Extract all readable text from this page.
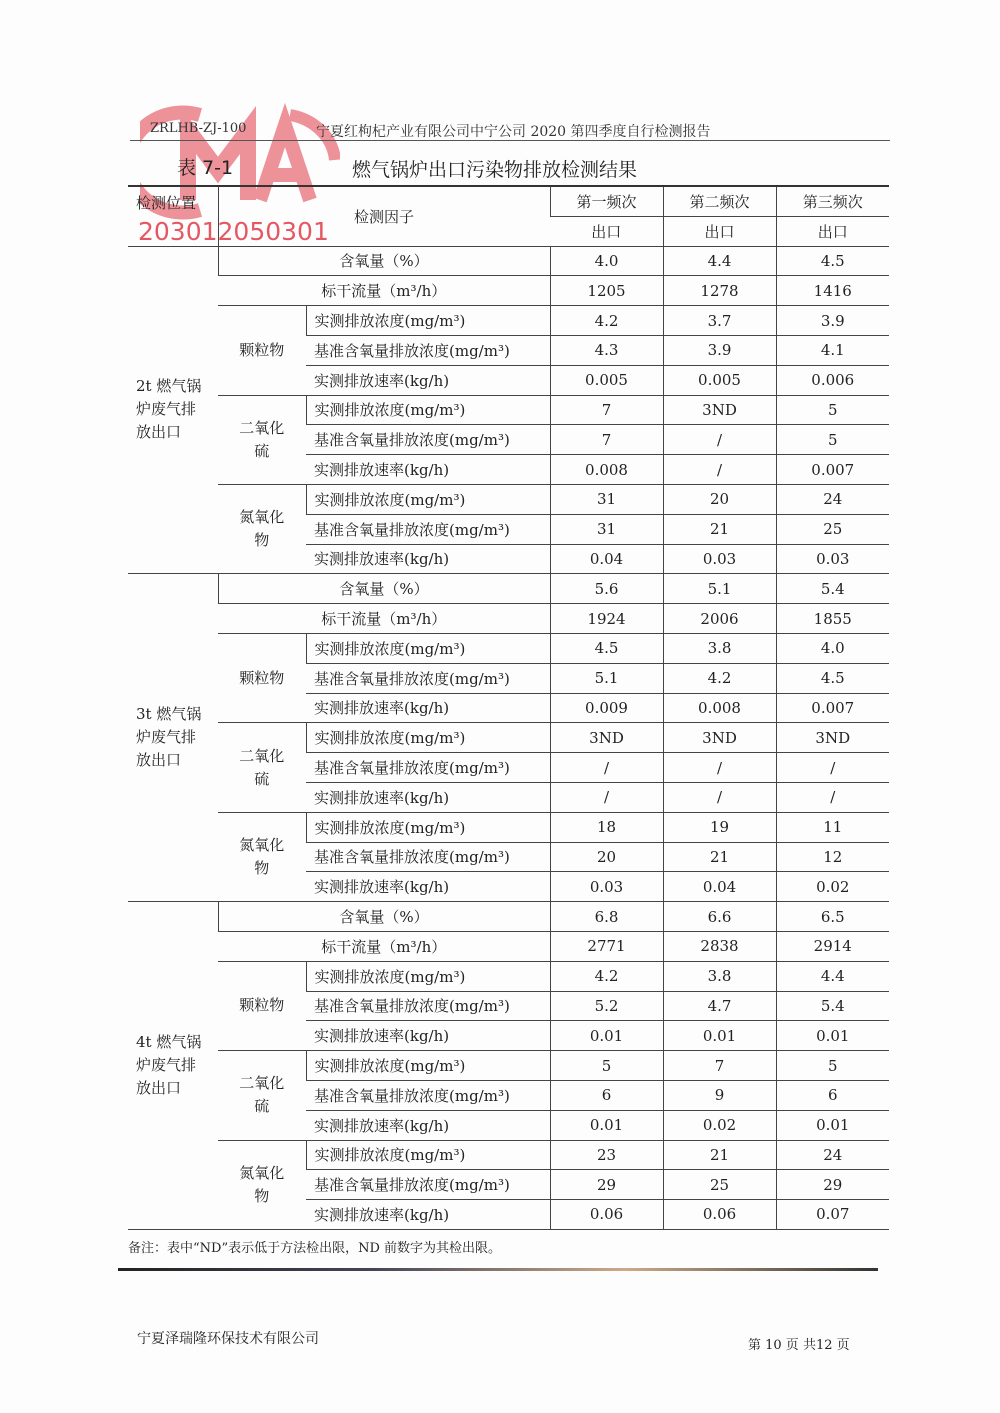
ZRLHB-ZJ-100	宁夏红枸杞产业有限公司中宁公司 2020 第四季度自行检测报告
表 7-1	燃气锅炉出口污染物排放检测结果
检测位置	检测因子		第一频次	第二频次	第三频次
			出口	出口	出口

2t 燃气锅炉废气排放出口	含氧量（%）		4.0	4.4	4.5
	标干流量（m³/h）		1205	1278	1416

	颗粒物	实测排放浓度(mg/m³)	4.2	3.7	3.9
		基准含氧量排放浓度(mg/m³)	4.3	3.9	4.1
		实测排放速率(kg/h)	0.005	0.005	0.006

	二氧化硫	实测排放浓度(mg/m³)	7	3ND	5
		基准含氧量排放浓度(mg/m³)	7	/	5
		实测排放速率(kg/h)	0.008	/	0.007

	氮氧化物	实测排放浓度(mg/m³)	31	20	24
		基准含氧量排放浓度(mg/m³)	31	21	25
		实测排放速率(kg/h)	0.04	0.03	0.03

3t 燃气锅炉废气排放出口	含氧量（%）		5.6	5.1	5.4
	标干流量（m³/h）		1924	2006	1855

	颗粒物	实测排放浓度(mg/m³)	4.5	3.8	4.0
		基准含氧量排放浓度(mg/m³)	5.1	4.2	4.5
		实测排放速率(kg/h)	0.009	0.008	0.007

	二氧化硫	实测排放浓度(mg/m³)	3ND	3ND	3ND
		基准含氧量排放浓度(mg/m³)	/	/	/
		实测排放速率(kg/h)	/	/	/

	氮氧化物	实测排放浓度(mg/m³)	18	19	11
		基准含氧量排放浓度(mg/m³)	20	21	12
		实测排放速率(kg/h)	0.03	0.04	0.02

4t 燃气锅炉废气排放出口	含氧量（%）		6.8	6.6	6.5
	标干流量（m³/h）		2771	2838	2914

	颗粒物	实测排放浓度(mg/m³)	4.2	3.8	4.4
		基准含氧量排放浓度(mg/m³)	5.2	4.7	5.4
		实测排放速率(kg/h)	0.01	0.01	0.01

	二氧化硫	实测排放浓度(mg/m³)	5	7	5
		基准含氧量排放浓度(mg/m³)	6	9	6
		实测排放速率(kg/h)	0.01	0.02	0.01

	氮氧化物	实测排放浓度(mg/m³)	23	21	24
		基准含氧量排放浓度(mg/m³)	29	25	29
		实测排放速率(kg/h)	0.06	0.06	0.07
203012050301
备注：表中“ND”表示低于方法检出限，ND 前数字为其检出限。
宁夏泽瑞隆环保技术有限公司	第 10 页 共12 页
